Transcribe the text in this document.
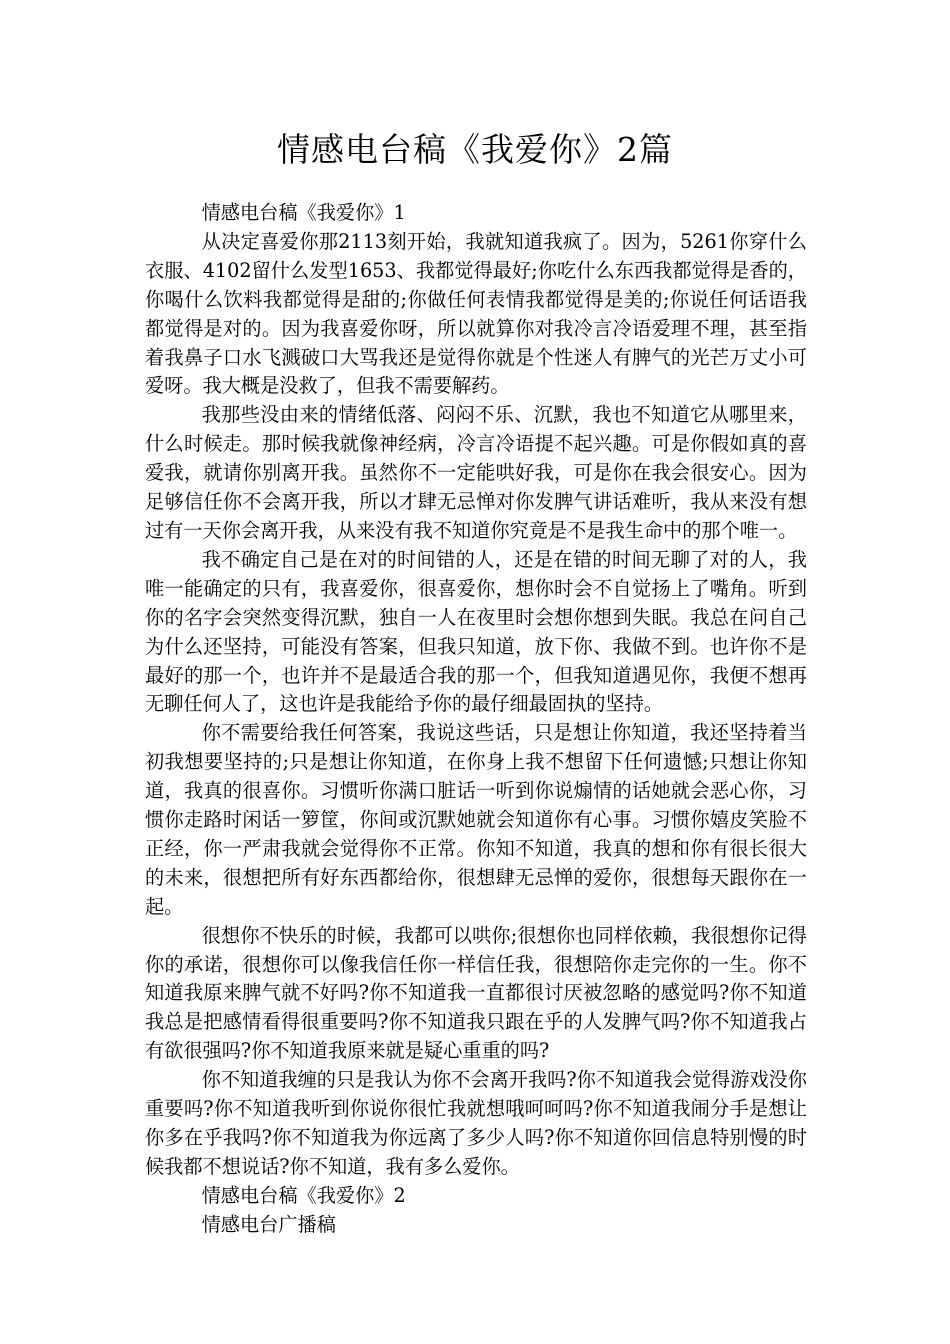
情感电台稿《我爱你》2篇

情感电台稿《我爱你》1

从决定喜爱你那2113刻开始，我就知道我疯了。因为，5261你穿什么衣服、4102留什么发型1653、我都觉得最好;你吃什么东西我都觉得是香的，你喝什么饮料我都觉得是甜的;你做任何表情我都觉得是美的;你说任何话语我都觉得是对的。因为我喜爱你呀，所以就算你对我冷言冷语爱理不理，甚至指着我鼻子口水飞溅破口大骂我还是觉得你就是个性迷人有脾气的光芒万丈小可爱呀。我大概是没救了，但我不需要解药。

我那些没由来的情绪低落、闷闷不乐、沉默，我也不知道它从哪里来，什么时候走。那时候我就像神经病，冷言冷语提不起兴趣。可是你假如真的喜爱我，就请你别离开我。虽然你不一定能哄好我，可是你在我会很安心。因为足够信任你不会离开我，所以才肆无忌惮对你发脾气讲话难听，我从来没有想过有一天你会离开我，从来没有我不知道你究竟是不是我生命中的那个唯一。

我不确定自己是在对的时间错的人，还是在错的时间无聊了对的人，我唯一能确定的只有，我喜爱你，很喜爱你，想你时会不自觉扬上了嘴角。听到你的名字会突然变得沉默，独自一人在夜里时会想你想到失眠。我总在问自己为什么还坚持，可能没有答案，但我只知道，放下你、我做不到。也许你不是最好的那一个，也许并不是最适合我的那一个，但我知道遇见你，我便不想再无聊任何人了，这也许是我能给予你的最仔细最固执的坚持。

你不需要给我任何答案，我说这些话，只是想让你知道，我还坚持着当初我想要坚持的;只是想让你知道，在你身上我不想留下任何遗憾;只想让你知道，我真的很喜你。习惯听你满口脏话一听到你说煽情的话她就会恶心你，习惯你走路时闲话一箩筐，你间或沉默她就会知道你有心事。习惯你嬉皮笑脸不正经，你一严肃我就会觉得你不正常。你知不知道，我真的想和你有很长很大的未来，很想把所有好东西都给你，很想肆无忌惮的爱你，很想每天跟你在一起。

很想你不快乐的时候，我都可以哄你;很想你也同样依赖，我很想你记得你的承诺，很想你可以像我信任你一样信任我，很想陪你走完你的一生。你不知道我原来脾气就不好吗?你不知道我一直都很讨厌被忽略的感觉吗?你不知道我总是把感情看得很重要吗?你不知道我只跟在乎的人发脾气吗?你不知道我占有欲很强吗?你不知道我原来就是疑心重重的吗?

你不知道我缠的只是我认为你不会离开我吗?你不知道我会觉得游戏没你重要吗?你不知道我听到你说你很忙我就想哦呵呵吗?你不知道我闹分手是想让你多在乎我吗?你不知道我为你远离了多少人吗?你不知道你回信息特别慢的时候我都不想说话?你不知道，我有多么爱你。

情感电台稿《我爱你》2

情感电台广播稿
